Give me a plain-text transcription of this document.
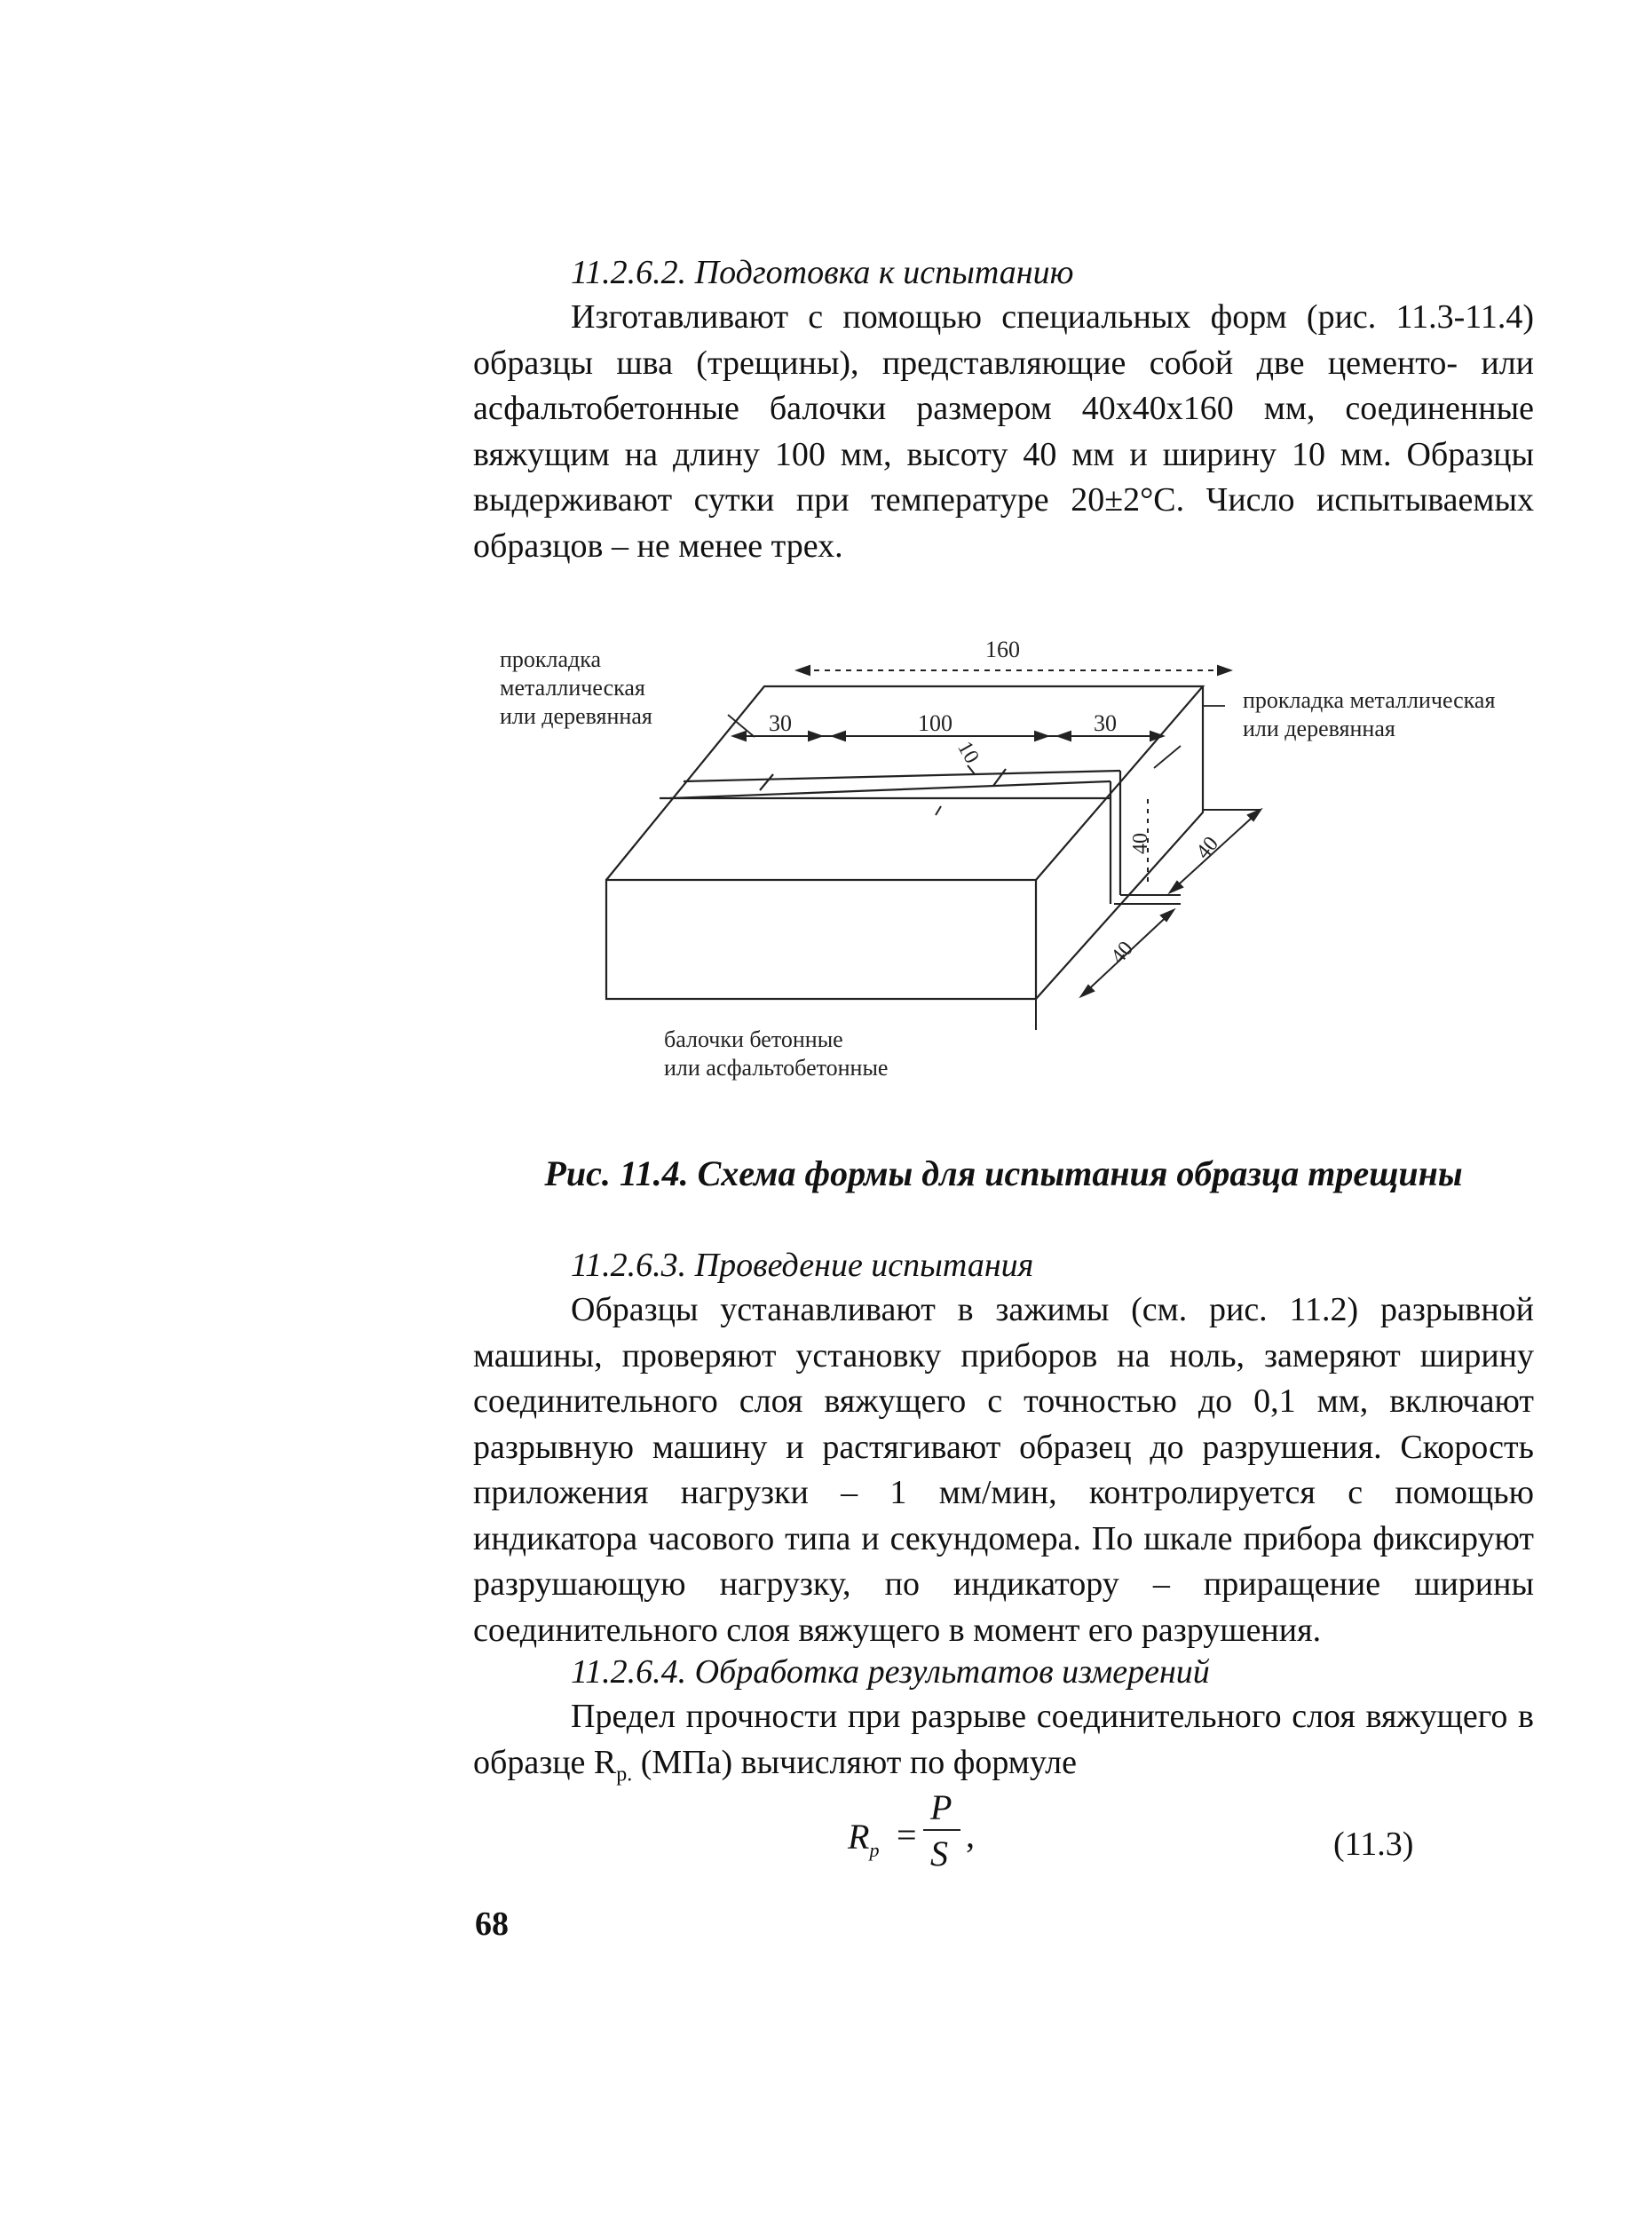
11.2.6.2. Подготовка к испытанию

Изготавливают с помощью специальных форм (рис. 11.3-11.4) образцы шва (трещины), представляющие собой две цементо- или асфальтобетонные балочки размером 40х40х160 мм, соединенные вяжущим на длину 100 мм, высоту 40 мм и ширину 10 мм. Образцы выдерживают сутки при температуре 20±2°С. Число испытываемых образцов – не менее трех.

160
30	100	30
10
40 40
40
прокладка
металлическая
или деревянная
прокладка металлическая
или деревянная
балочки бетонные
или асфальтобетонные

Рис. 11.4. Схема формы для испытания образца трещины

11.2.6.3. Проведение испытания

Образцы устанавливают в зажимы (см. рис. 11.2) разрывной машины, проверяют установку приборов на ноль, замеряют ширину соединительного слоя вяжущего с точностью до 0,1 мм, включают разрывную машину и растягивают образец до разрушения. Скорость приложения нагрузки – 1 мм/мин, контролируется с помощью индикатора часового типа и секундомера. По шкале прибора фиксируют разрушающую нагрузку, по индикатору – приращение ширины соединительного слоя вяжущего в момент его разрушения.

11.2.6.4. Обработка результатов измерений

Предел прочности при разрыве соединительного слоя вяжущего в образце $R_{р.}$ (МПа) вычисляют по формуле

$R_р$ =
P
S ,	(11.3)
68
